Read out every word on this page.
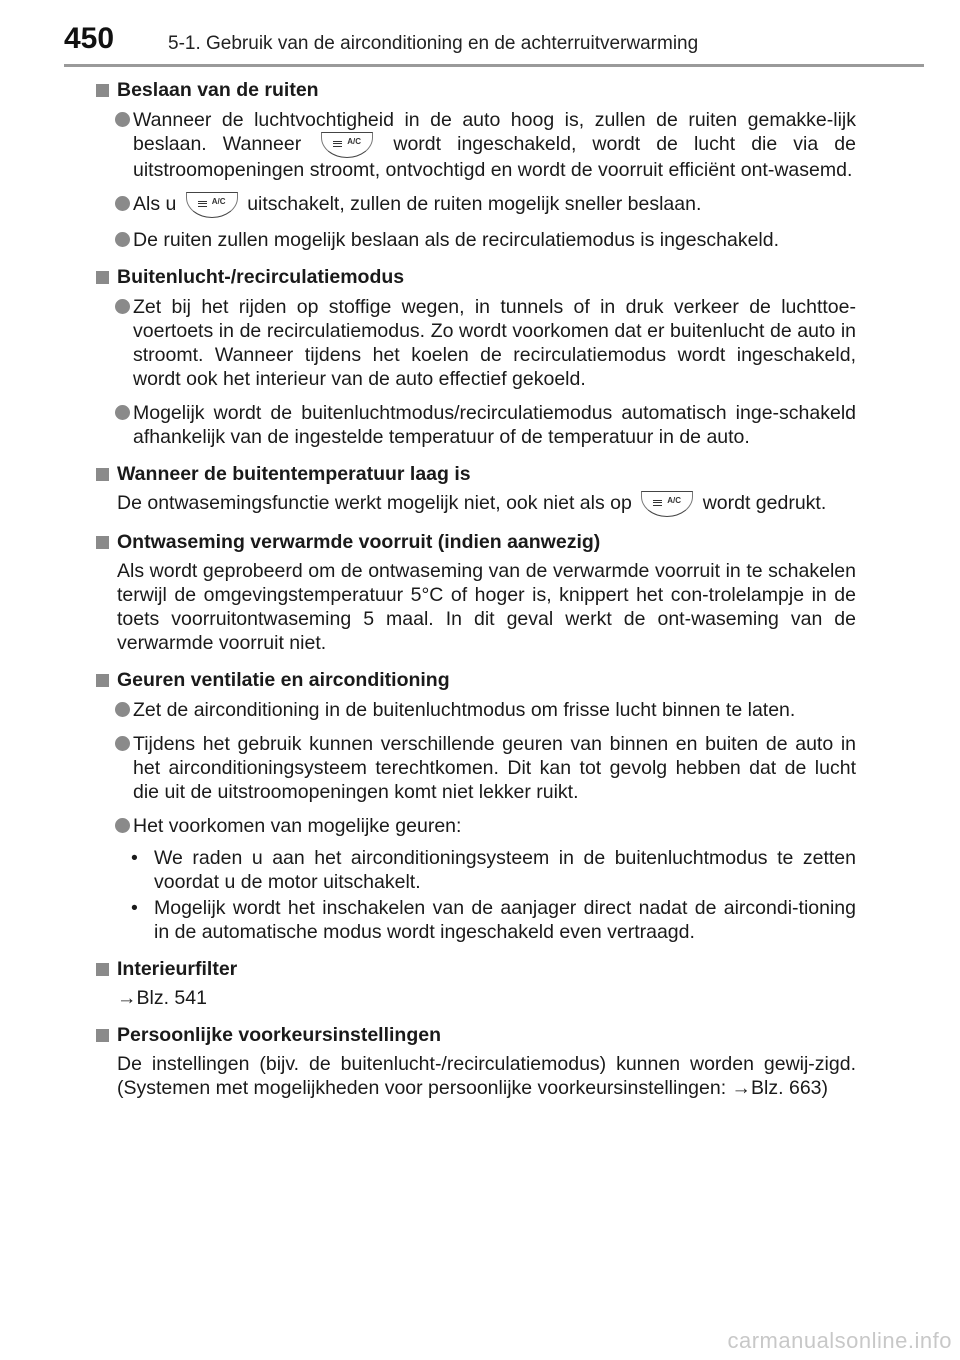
450	5-1. Gebruik van de airconditioning en de achterruitverwarming
Beslaan van de ruiten
Wanneer de luchtvochtigheid in de auto hoog is, zullen de ruiten gemakke-lijk beslaan. Wanneer	A/C wordt ingeschakeld, wordt de lucht die via de uitstroomopeningen stroomt, ontvochtigd en wordt de voorruit efficiënt ont-wasemd.
Als u	A/C uitschakelt, zullen de ruiten mogelijk sneller beslaan.
De ruiten zullen mogelijk beslaan als de recirculatiemodus is ingeschakeld.
Buitenlucht-/recirculatiemodus
Zet bij het rijden op stoffige wegen, in tunnels of in druk verkeer de luchttoe-voertoets in de recirculatiemodus. Zo wordt voorkomen dat er buitenlucht de auto in stroomt. Wanneer tijdens het koelen de recirculatiemodus wordt ingeschakeld, wordt ook het interieur van de auto effectief gekoeld.
Mogelijk wordt de buitenluchtmodus/recirculatiemodus automatisch inge-schakeld afhankelijk van de ingestelde temperatuur of de temperatuur in de auto.
Wanneer de buitentemperatuur laag is
De ontwasemingsfunctie werkt mogelijk niet, ook niet als op	A/C wordt gedrukt.
Ontwaseming verwarmde voorruit (indien aanwezig)
Als wordt geprobeerd om de ontwaseming van de verwarmde voorruit in te schakelen terwijl de omgevingstemperatuur 5°C of hoger is, knippert het con-trolelampje in de toets voorruitontwaseming 5 maal. In dit geval werkt de ont-waseming van de verwarmde voorruit niet.
Geuren ventilatie en airconditioning
Zet de airconditioning in de buitenluchtmodus om frisse lucht binnen te laten.
Tijdens het gebruik kunnen verschillende geuren van binnen en buiten de auto in het airconditioningsysteem terechtkomen. Dit kan tot gevolg hebben dat de lucht die uit de uitstroomopeningen komt niet lekker ruikt.
Het voorkomen van mogelijke geuren:
• We raden u aan het airconditioningsysteem in de buitenluchtmodus te zetten voordat u de motor uitschakelt.
• Mogelijk wordt het inschakelen van de aanjager direct nadat de aircondi-tioning in de automatische modus wordt ingeschakeld even vertraagd.
Interieurfilter
→Blz. 541
Persoonlijke voorkeursinstellingen
De instellingen (bijv. de buitenlucht-/recirculatiemodus) kunnen worden gewij-zigd. (Systemen met mogelijkheden voor persoonlijke voorkeursinstellingen: →Blz. 663)
carmanualsonline.info
